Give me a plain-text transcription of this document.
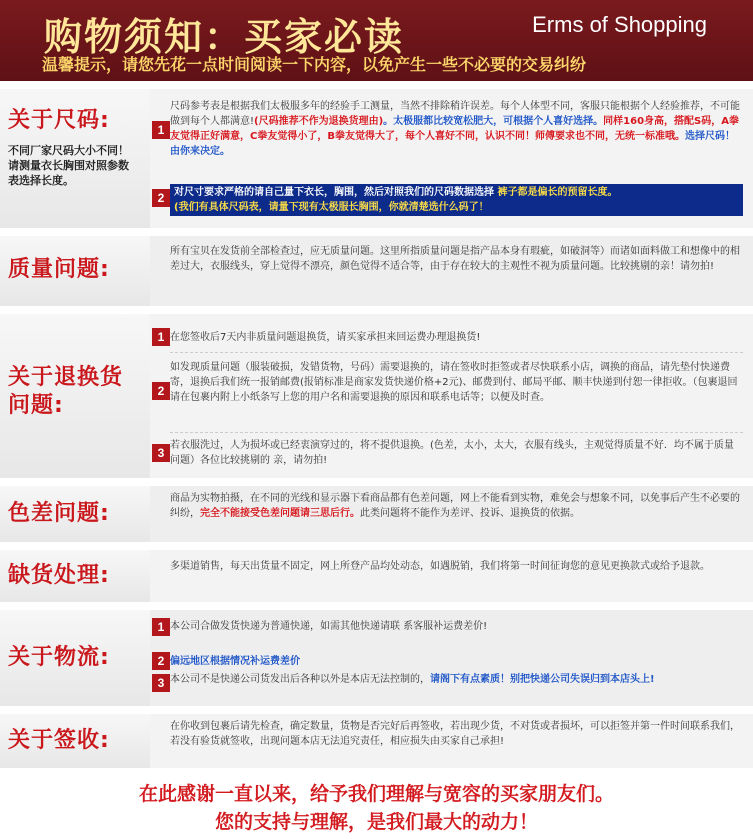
购物须知：买家必读	Erms of Shopping
温馨提示，请您先花一点时间阅读一下内容，以免产生一些不必要的交易纠纷
关于尺码:
不同厂家尺码大小不同！请测量衣长胸围对照参数表选择长度。
1

尺码参考表是根据我们太极服多年的经验手工测量，当然不排除稍许误差。每个人体型不同，客服只能根据个人经验推荐，不可能做到每个人都满意!(尺码推荐不作为退换货理由)。太极服都比较宽松肥大，可根据个人喜好选择。同样160身高，搭配S码，A拳友觉得正好满意，C拳友觉得小了，B拳友觉得大了，每个人喜好不同，认识不同！师傅要求也不同，无统一标准哦。选择尺码！由你来决定。

2 对尺寸要求严格的请自己量下衣长，胸围，然后对照我们的尺码数据选择 裤子都是偏长的预留长度。
(我们有具体尺码表，请量下现有太极服长胸围，你就清楚选什么码了！
质量问题:
所有宝贝在发货前全部检查过，应无质量问题。这里所指质量问题是指产品本身有瑕疵，如破洞等）而诸如面料做工和想像中的相差过大，衣服线头，穿上觉得不漂亮，颜色觉得不适合等，由于存在较大的主观性不视为质量问题。比较挑剔的亲！请勿拍!
关于退换货问题:
1 在您签收后7天内非质量问题退换货，请买家承担来回运费办理退换货!
2
如发现质量问题（服装破损，发错货物，号码）需要退换的，请在签收时拒签或者尽快联系小店，调换的商品，请先垫付快递费寄，退换后我们统一报销邮费(报销标准是商家发货快递价格+2元)、邮费到付、邮局平邮、顺丰快递到付恕一律拒收。（包裹退回请在包裹内附上小纸条写上您的用户名和需要退换的原因和联系电话等；以便及时查。
3
若衣服洗过，人为损坏或已经衷演穿过的，将不提供退换。(色差，太小，太大，衣服有线头，主观觉得质量不好．均不属于质量问题）各位比较挑剔的 亲，请勿拍!
色差问题:
商品为实物拍摄，在不同的光线和显示器下看商品都有色差问题，网上不能看到实物，难免会与想象不同，以免事后产生不必要的纠纷，完全不能接受色差问题请三思后行。此类问题将不能作为差评、投诉、退换货的依据。
缺货处理:	多渠道销售，每天出货量不固定，网上所登产品均处动态，如遇脱销，我们将第一时间征询您的意见更换款式或给予退款。
关于物流:
1 本公司合做发货快递为普通快递，如需其他快递请联 系客服补运费差价!
2 偏远地区根据情况补运费差价
3 本公司不是快递公司货发出后各种以外是本店无法控制的，请阁下有点素质！别把快递公司失误归到本店头上!
关于签收:
在你收到包裹后请先检查，确定数量，货物是否完好后再签收，若出现少货，不对货或者损坏，可以拒签并第一件时间联系我们，若没有验货就签收，出现问题本店无法追究责任，相应损失由买家自己承担!
在此感谢一直以来，给予我们理解与宽容的买家朋友们。
您的支持与理解，是我们最大的动力！
